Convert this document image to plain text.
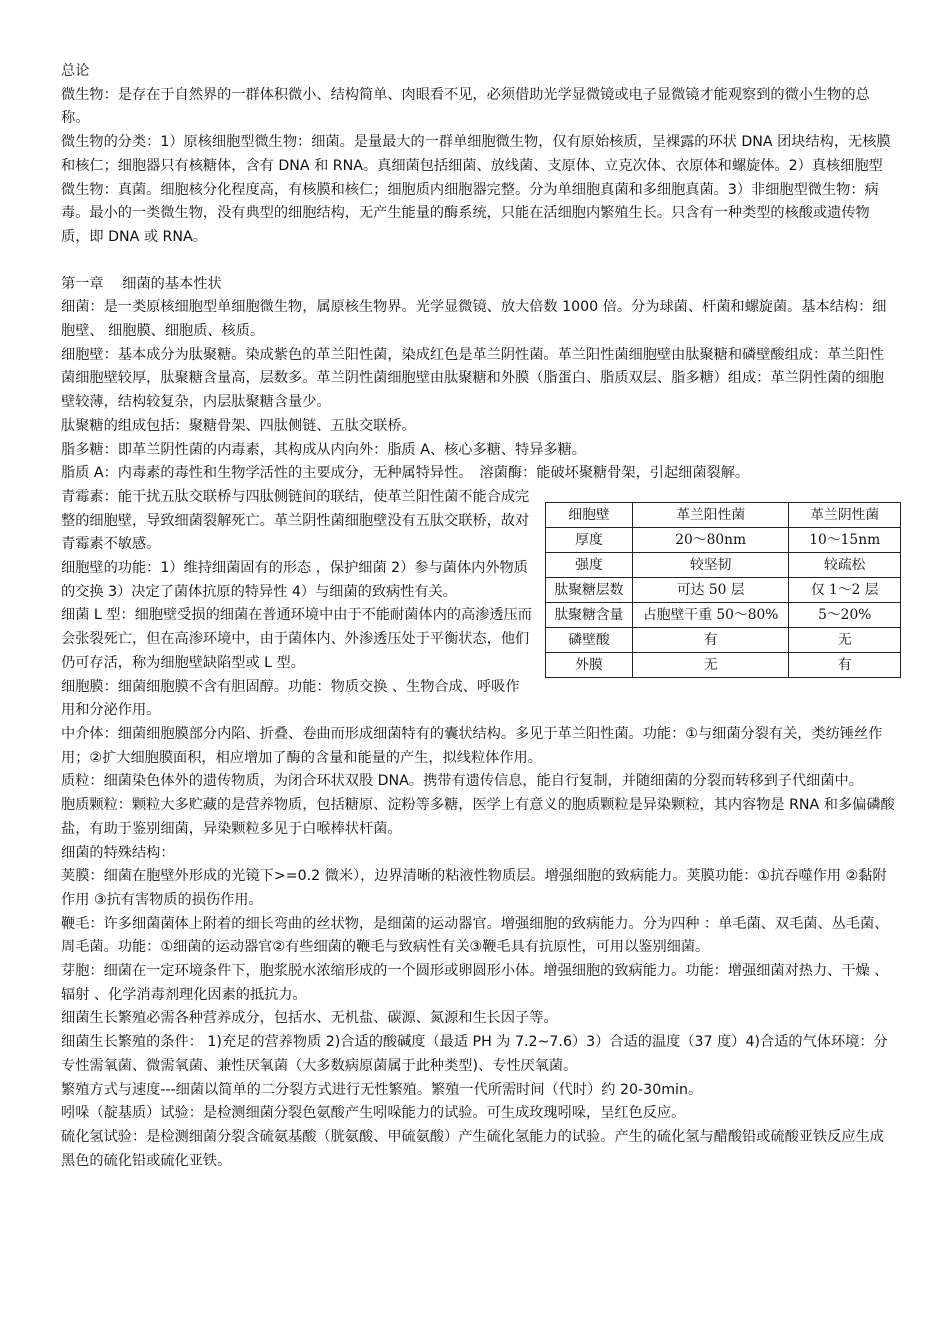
总论

微生物：是存在于自然界的一群体积微小、结构简单、肉眼看不见，必须借助光学显微镜或电子显微镜才能观察到的微小生物的总称。

微生物的分类：1）原核细胞型微生物：细菌。是量最大的一群单细胞微生物，仅有原始核质，呈裸露的环状 DNA 团块结构，无核膜和核仁；细胞器只有核糖体，含有 DNA 和 RNA。真细菌包括细菌、放线菌、支原体、立克次体、衣原体和螺旋体。2）真核细胞型微生物：真菌。细胞核分化程度高，有核膜和核仁；细胞质内细胞器完整。分为单细胞真菌和多细胞真菌。3）非细胞型微生物：病毒。最小的一类微生物，没有典型的细胞结构，无产生能量的酶系统，只能在活细胞内繁殖生长。只含有一种类型的核酸或遗传物质，即 DNA 或 RNA。

第一章　 细菌的基本性状

细菌：是一类原核细胞型单细胞微生物，属原核生物界。光学显微镜、放大倍数 1000 倍。分为球菌、杆菌和螺旋菌。基本结构：细胞壁、 细胞膜、细胞质、核质。

细胞壁：基本成分为肽聚糖。染成紫色的革兰阳性菌，染成红色是革兰阴性菌。革兰阳性菌细胞壁由肽聚糖和磷壁酸组成：革兰阳性菌细胞壁较厚，肽聚糖含量高，层数多。革兰阴性菌细胞壁由肽聚糖和外膜（脂蛋白、脂质双层、脂多糖）组成：革兰阴性菌的细胞壁较薄，结构较复杂，内层肽聚糖含量少。

肽聚糖的组成包括：聚糖骨架、四肽侧链、五肽交联桥。

脂多糖：即革兰阴性菌的内毒素，其构成从内向外：脂质 A、核心多糖、特异多糖。

脂质 A：内毒素的毒性和生物学活性的主要成分，无种属特异性。　溶菌酶：能破坏聚糖骨架，引起细菌裂解。

细胞壁	革兰阳性菌	革兰阴性菌
厚度	20～80nm	10～15nm
强度	较坚韧	较疏松
肽聚糖层数	可达 50 层	仅 1～2 层
肽聚糖含量	占胞壁干重 50～80%	5～20%
磷壁酸	有	无
外膜	无	有

青霉素：能干扰五肽交联桥与四肽侧链间的联结，使革兰阳性菌不能合成完整的细胞壁，导致细菌裂解死亡。革兰阴性菌细胞壁没有五肽交联桥，故对青霉素不敏感。

细胞壁的功能：1）维持细菌固有的形态 ，保护细菌 2）参与菌体内外物质的交换 3）决定了菌体抗原的特异性 4）与细菌的致病性有关。

细菌 L 型：细胞壁受损的细菌在普通环境中由于不能耐菌体内的高渗透压而会张裂死亡，但在高渗环境中，由于菌体内、外渗透压处于平衡状态，他们仍可存活，称为细胞壁缺陷型或 L 型。

细胞膜：细菌细胞膜不含有胆固醇。功能：物质交换 、生物合成、呼吸作用和分泌作用。

中介体：细菌细胞膜部分内陷、折叠、卷曲而形成细菌特有的囊状结构。多见于革兰阳性菌。功能：①与细菌分裂有关，类纺锤丝作用；②扩大细胞膜面积，相应增加了酶的含量和能量的产生，拟线粒体作用。

质粒：细菌染色体外的遗传物质，为闭合环状双股 DNA。携带有遗传信息，能自行复制，并随细菌的分裂而转移到子代细菌中。

胞质颗粒：颗粒大多贮藏的是营养物质，包括糖原、淀粉等多糖，医学上有意义的胞质颗粒是异染颗粒，其内容物是 RNA 和多偏磷酸盐，有助于鉴别细菌，异染颗粒多见于白喉棒状杆菌。

细菌的特殊结构：

荚膜：细菌在胞壁外形成的光镜下>=0.2 微米），边界清晰的粘液性物质层。增强细胞的致病能力。荚膜功能：①抗吞噬作用 ②黏附作用 ③抗有害物质的损伤作用。

鞭毛：许多细菌菌体上附着的细长弯曲的丝状物，是细菌的运动器官。增强细胞的致病能力。分为四种 ：单毛菌、双毛菌、丛毛菌、周毛菌。功能：①细菌的运动器官②有些细菌的鞭毛与致病性有关③鞭毛具有抗原性，可用以鉴别细菌。

芽胞：细菌在一定环境条件下，胞浆脱水浓缩形成的一个圆形或卵圆形小体。增强细胞的致病能力。功能：增强细菌对热力、干燥 、辐射 、化学消毒剂理化因素的抵抗力。

细菌生长繁殖必需各种营养成分，包括水、无机盐、碳源、氮源和生长因子等。

细菌生长繁殖的条件： 1)充足的营养物质 2)合适的酸碱度（最适 PH 为 7.2~7.6）3）合适的温度（37 度）4)合适的气体环境：分专性需氧菌、微需氧菌、兼性厌氧菌（大多数病原菌属于此种类型)、专性厌氧菌。

繁殖方式与速度---细菌以简单的二分裂方式进行无性繁殖。繁殖一代所需时间（代时）约 20-30min。

吲哚（靛基质）试验：是检测细菌分裂色氨酸产生吲哚能力的试验。可生成玫瑰吲哚，呈红色反应。

硫化氢试验：是检测细菌分裂含硫氨基酸（胱氨酸、甲硫氨酸）产生硫化氢能力的试验。产生的硫化氢与醋酸铅或硫酸亚铁反应生成黑色的硫化铅或硫化亚铁。
